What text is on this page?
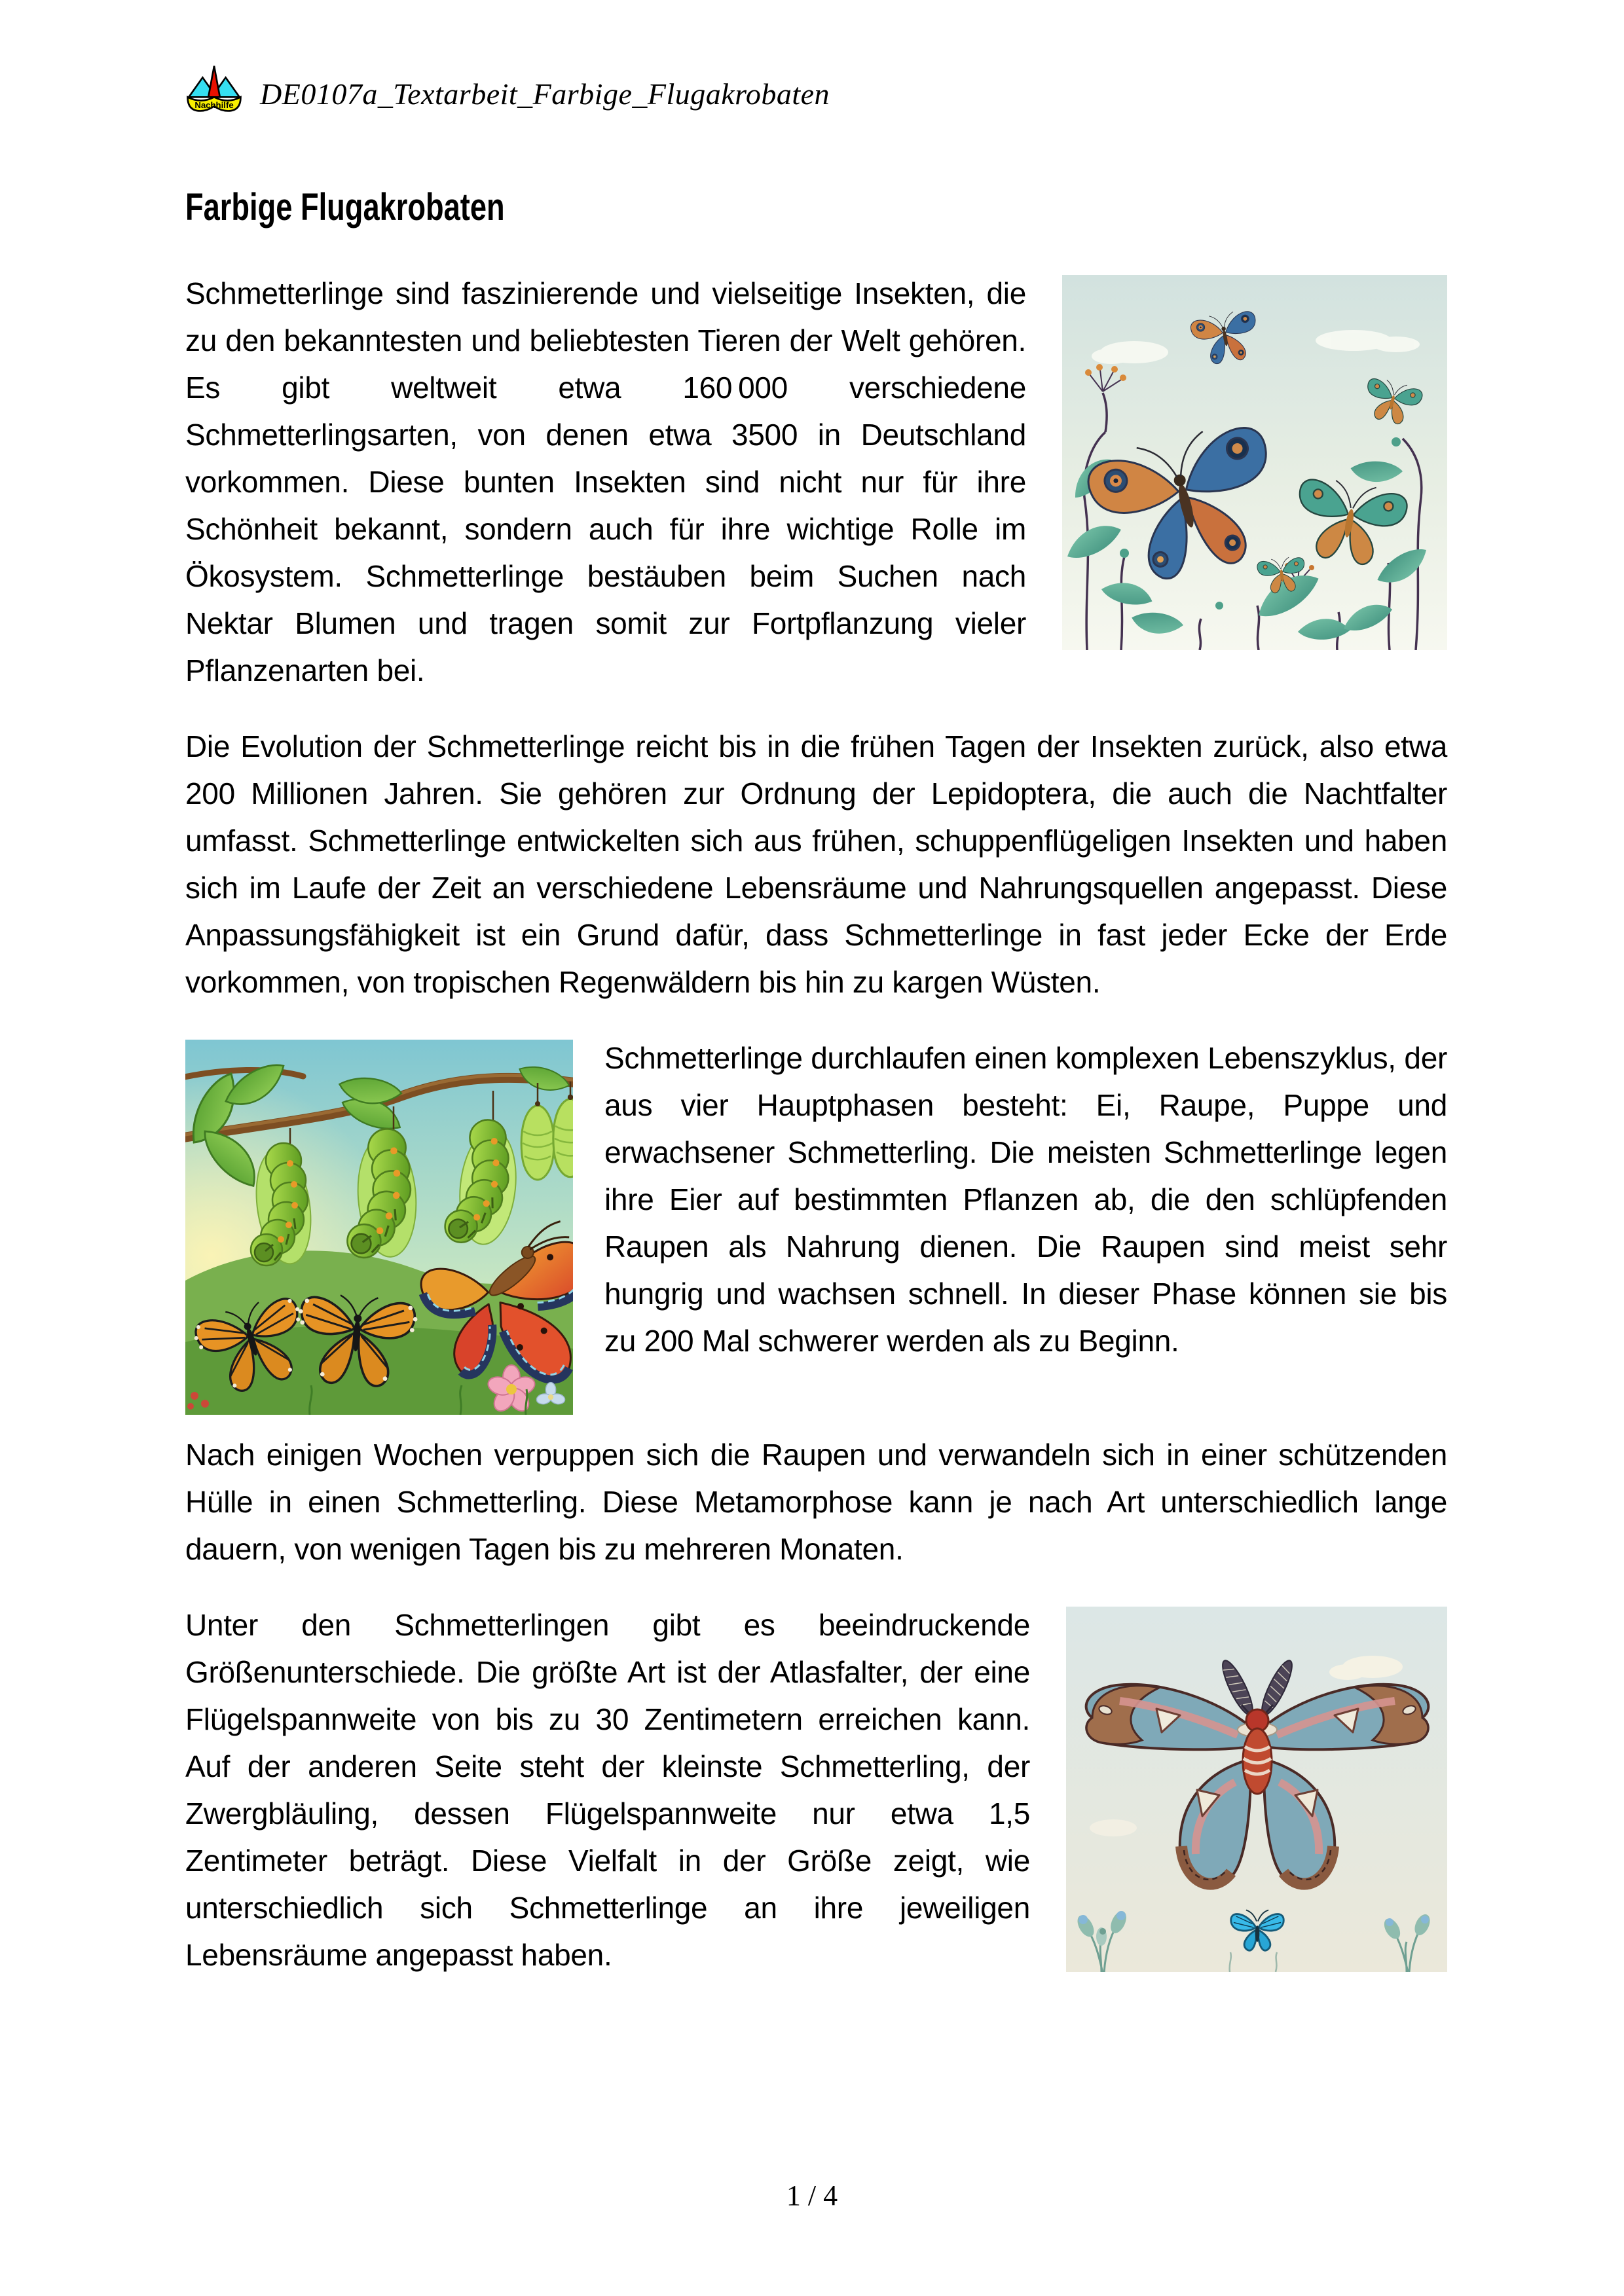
Nachhilfe DE0107a_Textarbeit_Farbige_Flugakrobaten
Farbige Flugakrobaten

Schmetterlinge sind faszinierende und vielseitige Insekten, die zu den bekanntesten und beliebtesten Tieren der Welt gehören. Es gibt weltweit etwa 160 000 verschiedene Schmetterlingsarten, von denen etwa 3500 in Deutschland vorkommen. Diese bunten Insekten sind nicht nur für ihre Schönheit bekannt, sondern auch für ihre wichtige Rolle im Ökosystem. Schmetterlinge bestäuben beim Suchen nach Nektar Blumen und tragen somit zur Fortpflanzung vieler Pflanzenarten bei.

Die Evolution der Schmetterlinge reicht bis in die frühen Tagen der Insekten zurück, also etwa 200 Millionen Jahren. Sie gehören zur Ordnung der Lepidoptera, die auch die Nachtfalter umfasst. Schmetterlinge entwickelten sich aus frühen, schuppenflügeligen Insekten und haben sich im Laufe der Zeit an verschiedene Lebensräume und Nahrungsquellen angepasst. Diese Anpassungsfähigkeit ist ein Grund dafür, dass Schmetterlinge in fast jeder Ecke der Erde vorkommen, von tropischen Regenwäldern bis hin zu kargen Wüsten.

Schmetterlinge durchlaufen einen komplexen Lebenszyklus, der aus vier Hauptphasen besteht: Ei, Raupe, Puppe und erwachsener Schmetterling. Die meisten Schmetterlinge legen ihre Eier auf bestimmten Pflanzen ab, die den schlüpfenden Raupen als Nahrung dienen. Die Raupen sind meist sehr hungrig und wachsen schnell. In dieser Phase können sie bis zu 200 Mal schwerer werden als zu Beginn.

Nach einigen Wochen verpuppen sich die Raupen und verwandeln sich in einer schützenden Hülle in einen Schmetterling. Diese Metamorphose kann je nach Art unterschiedlich lange dauern, von wenigen Tagen bis zu mehreren Monaten.

Unter den Schmetterlingen gibt es beeindruckende Größenunterschiede. Die größte Art ist der Atlasfalter, der eine Flügelspannweite von bis zu 30 Zentimetern erreichen kann. Auf der anderen Seite steht der kleinste Schmetterling, der Zwergbläuling, dessen Flügelspannweite nur etwa 1,5 Zentimeter beträgt. Diese Vielfalt in der Größe zeigt, wie unterschiedlich sich Schmetterlinge an ihre jeweiligen Lebensräume angepasst haben.

1 / 4
